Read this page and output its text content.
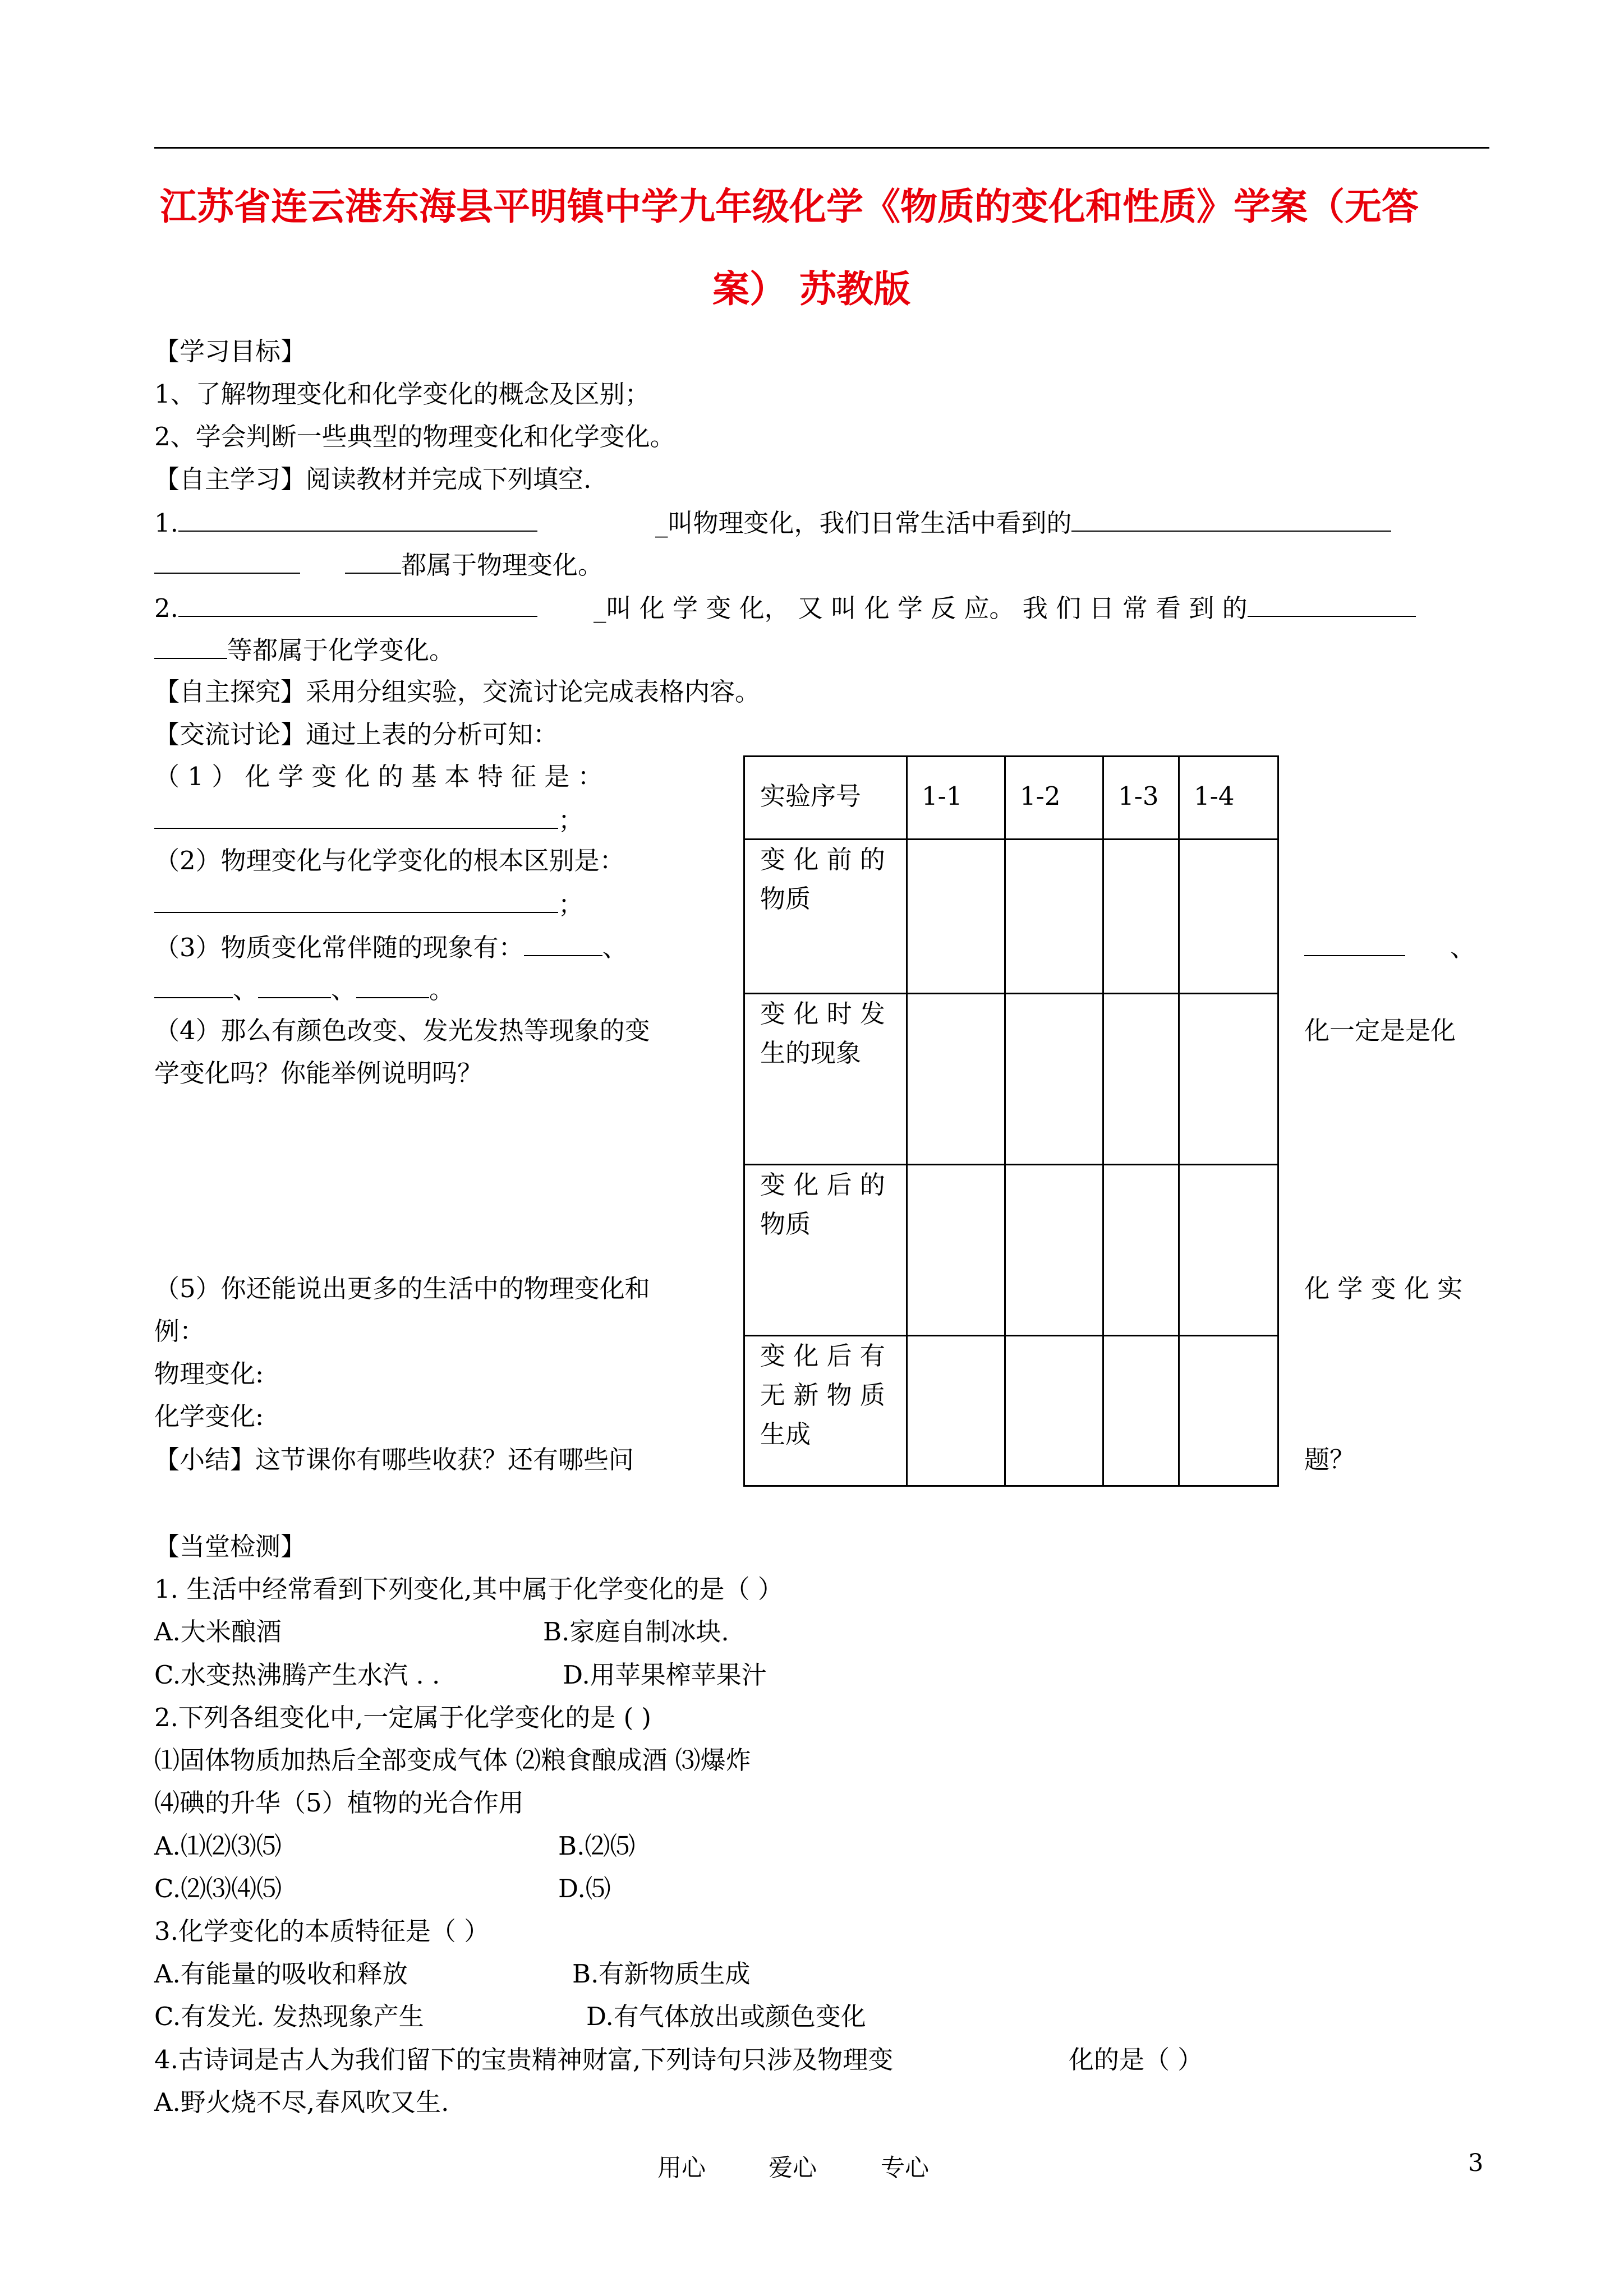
江苏省连云港东海县平明镇中学九年级化学《物质的变化和性质》学案（无答
案） 苏教版
【学习目标】
1、了解物理变化和化学变化的概念及区别；
2、学会判断一些典型的物理变化和化学变化。
【自主学习】阅读教材并完成下列填空.
1.	_叫物理变化，我们日常生活中看到的
都属于物理变化。
2.	_叫 化 学 变 化， 又 叫 化 学 反 应。 我 们 日 常 看 到 的
等都属于化学变化。
【自主探究】采用分组实验，交流讨论完成表格内容。
【交流讨论】通过上表的分析可知：
（ 1 ） 化 学 变 化 的 基 本 特 征 是 ：
；
（2）物理变化与化学变化的根本区别是：
；
（3）物质变化常伴随的现象有：	、	、
、	、	。
（4）那么有颜色改变、发光发热等现象的变	化一定是是化
学变化吗？你能举例说明吗？
（5）你还能说出更多的生活中的物理变化和	化 学 变 化 实
例：
物理变化:
化学变化:
【小结】这节课你有哪些收获？还有哪些问	题？
实验序号 1-1 1-2 1-3 1-4
变 化 前 的
物质
变 化 时 发
生的现象
变 化 后 的
物质
变 化 后 有
无 新 物 质
生成
【当堂检测】
1. 生活中经常看到下列变化,其中属于化学变化的是（ ）
A.大米酿酒	B.家庭自制冰块.
C.水变热沸腾产生水汽 . .	D.用苹果榨苹果汁
2.下列各组变化中,一定属于化学变化的是 ( )
⑴固体物质加热后全部变成气体 ⑵粮食酿成酒 ⑶爆炸
⑷碘的升华（5）植物的光合作用
A.⑴⑵⑶⑸	B.⑵⑸
C.⑵⑶⑷⑸	D.⑸
3.化学变化的本质特征是（ ）
A.有能量的吸收和释放	B.有新物质生成
C.有发光. 发热现象产生	D.有气体放出或颜色变化
4.古诗词是古人为我们留下的宝贵精神财富,下列诗句只涉及物理变	化的是（ ）
A.野火烧不尽,春风吹又生.
用心	爱心	专心	3
